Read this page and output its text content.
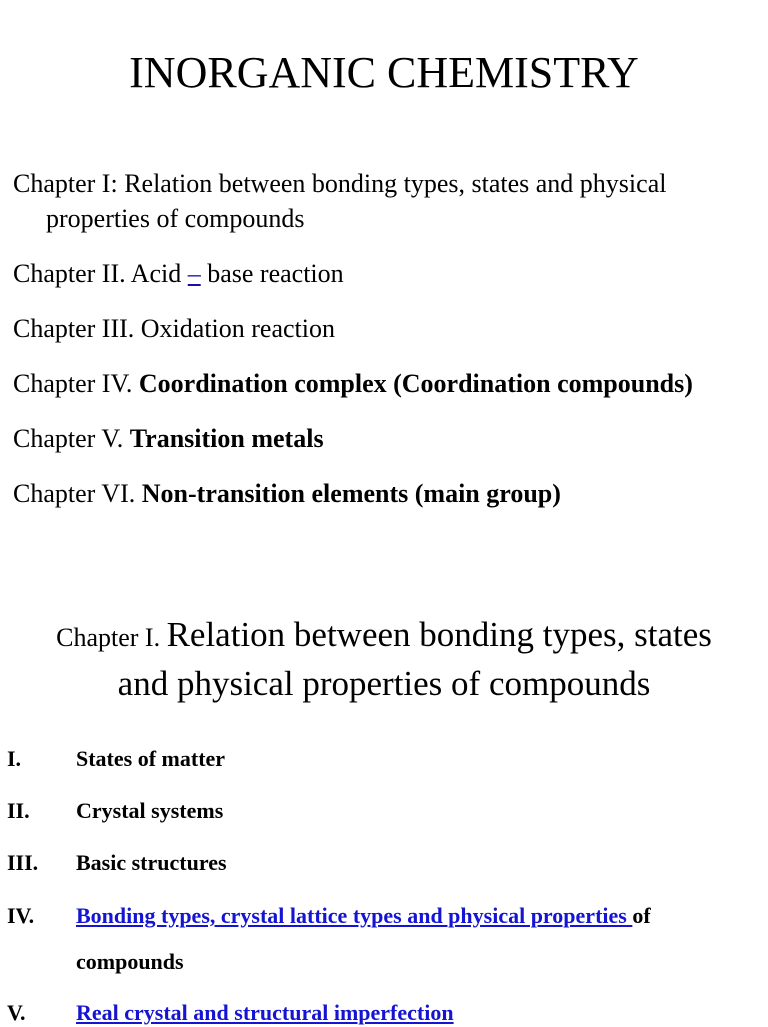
INORGANIC CHEMISTRY
Chapter I: Relation between bonding types, states and physical properties of compounds
Chapter II. Acid – base reaction
Chapter III. Oxidation reaction
Chapter IV. Coordination complex (Coordination compounds)
Chapter V. Transition metals
Chapter VI. Non-transition elements (main group)
Chapter I. Relation between bonding types, states
and physical properties of compounds
I. States of matter
II. Crystal systems
III. Basic structures
IV. Bonding types, crystal lattice types and physical properties of
compounds
V. Real crystal and structural imperfection
